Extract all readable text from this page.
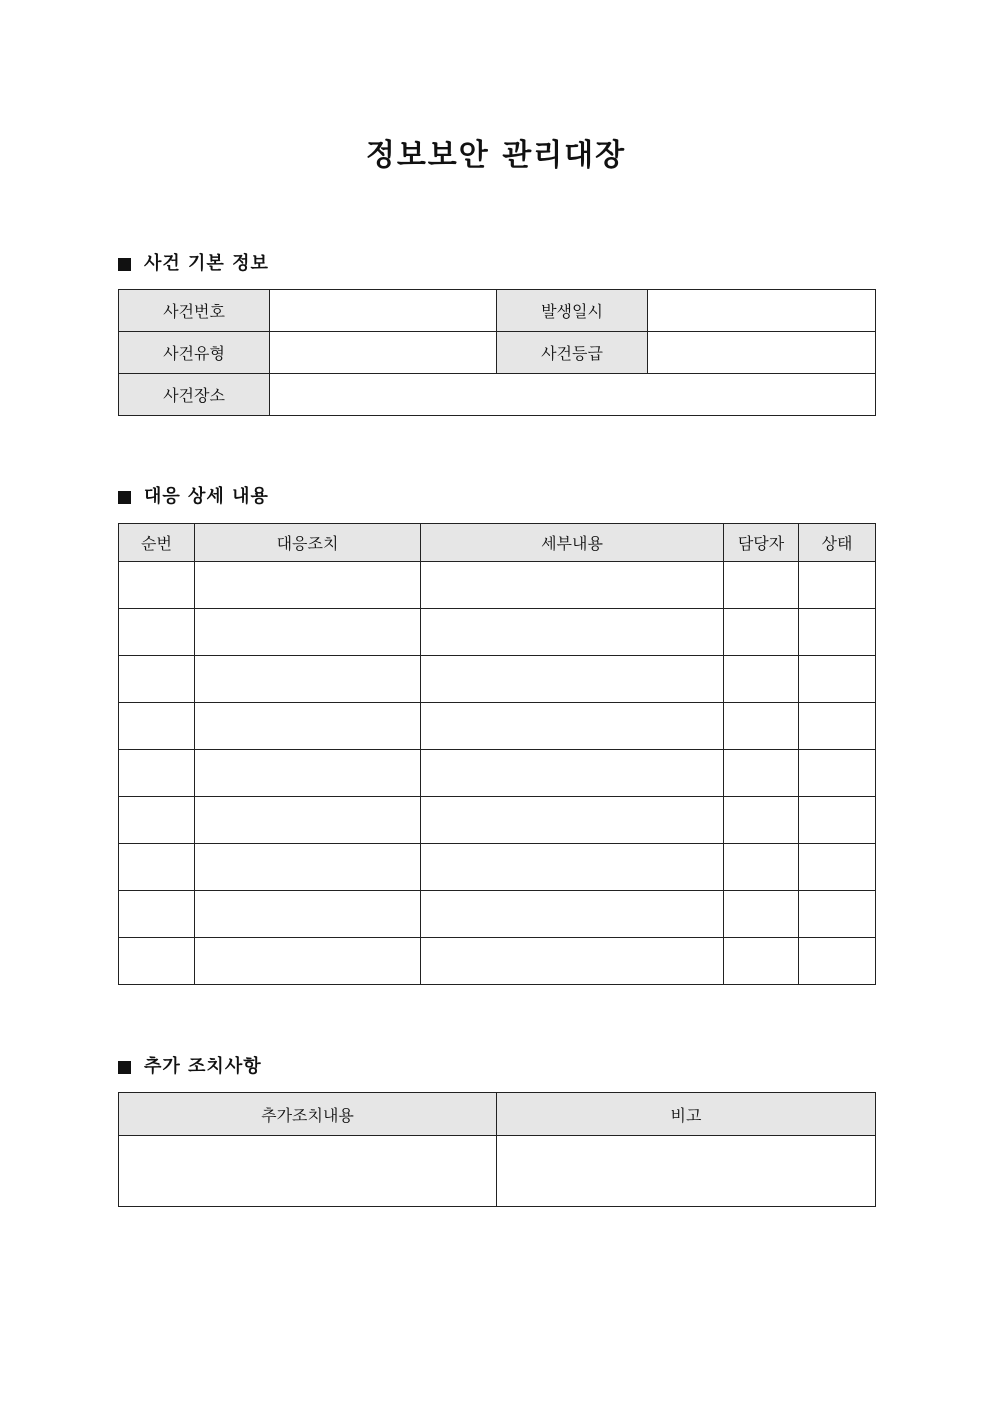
정보보안 관리대장
사건 기본 정보
사건번호		발생일시	
사건유형		사건등급	
사건장소			
대응 상세 내용
순번	대응조치	세부내용	담당자	상태

추가 조치사항
추가조치내용	비고
